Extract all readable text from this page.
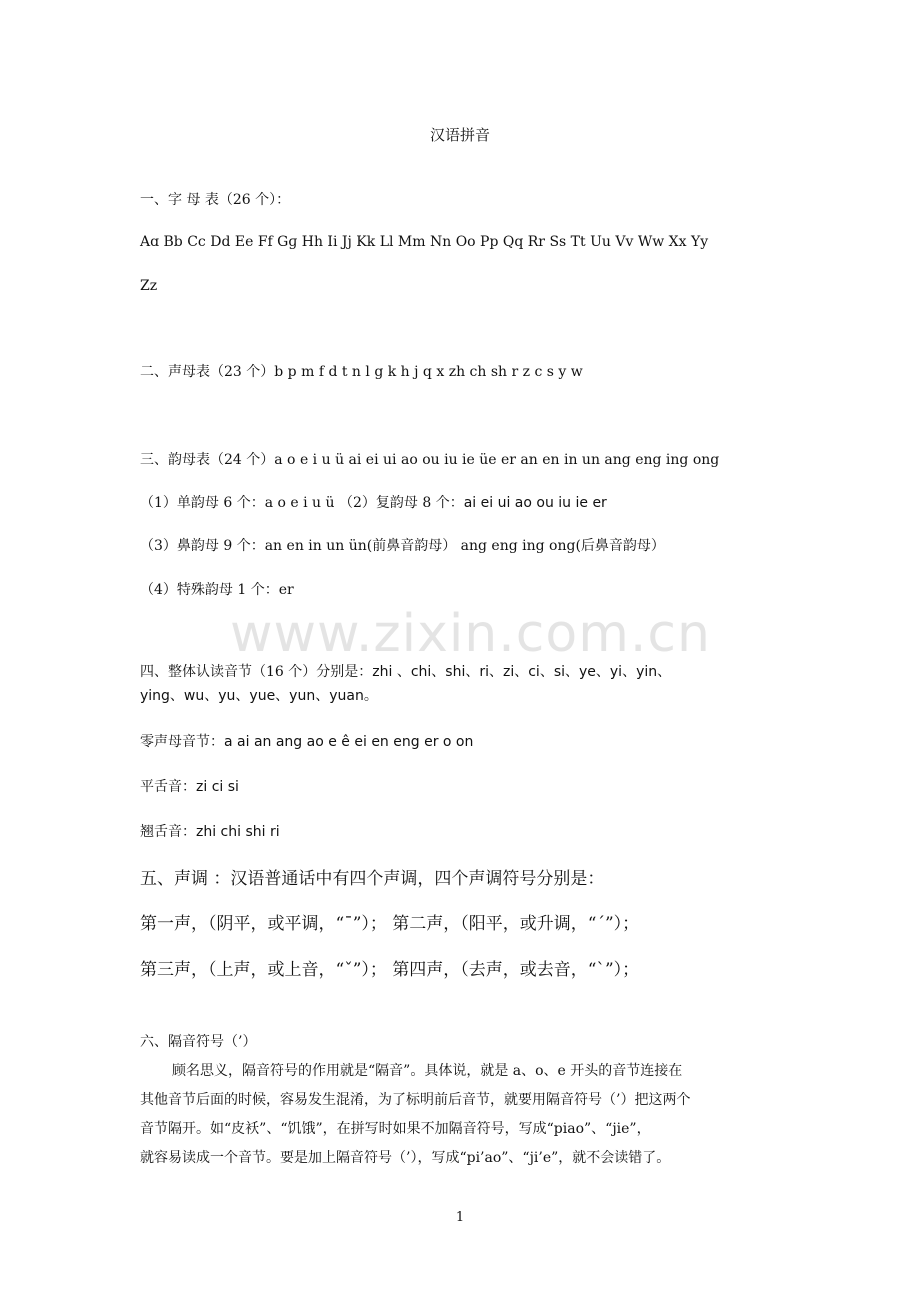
www.zixin.com.cn
汉语拼音
一、字 母 表（26 个）：
Aɑ Bb Cc Dd Ee Ff Gɡ Hh Ii Jj Kk Ll Mm Nn Oo Pp Qq Rr Ss Tt Uu Vv Ww Xx Yy
Zz
二、声母表（23 个）b p m f d t n l g k h j q x zh ch sh r z c s y w
三、韵母表（24 个）a o e i u ü ai ei ui ao ou iu ie üe er an en in un ang eng ing ong
（1）单韵母 6 个：a o e i u ü （2）复韵母 8 个：ai ei ui ao ou iu ie er
（3）鼻韵母 9 个：an en in un ün(前鼻音韵母） ang eng ing ong(后鼻音韵母）
（4）特殊韵母 1 个：er
四、整体认读音节（16 个）分别是：zhi 、chi、shi、ri、zi、ci、si、ye、yi、yin、
ying、wu、yu、yue、yun、yuan。
零声母音节：a ai an ang ao e ê ei en eng er o on
平舌音：zi ci si
翘舌音：zhi chi shi ri
五、声调 ：汉语普通话中有四个声调，四个声调符号分别是：
第一声，（阴平，或平调，“ˉ”）； 第二声，（阳平，或升调，“ˊ”）；
第三声，（上声，或上音，“ˇ”）； 第四声，（去声，或去音，“ˋ”）；
六、隔音符号（’）
顾名思义，隔音符号的作用就是“隔音”。具体说，就是 a、o、e 开头的音节连接在
其他音节后面的时候，容易发生混淆，为了标明前后音节，就要用隔音符号（’）把这两个
音节隔开。如“皮袄”、“饥饿”，在拼写时如果不加隔音符号，写成“piao”、“jie”，
就容易读成一个音节。要是加上隔音符号（’），写成“pi’ao”、“ji’e”，就不会读错了。
1
